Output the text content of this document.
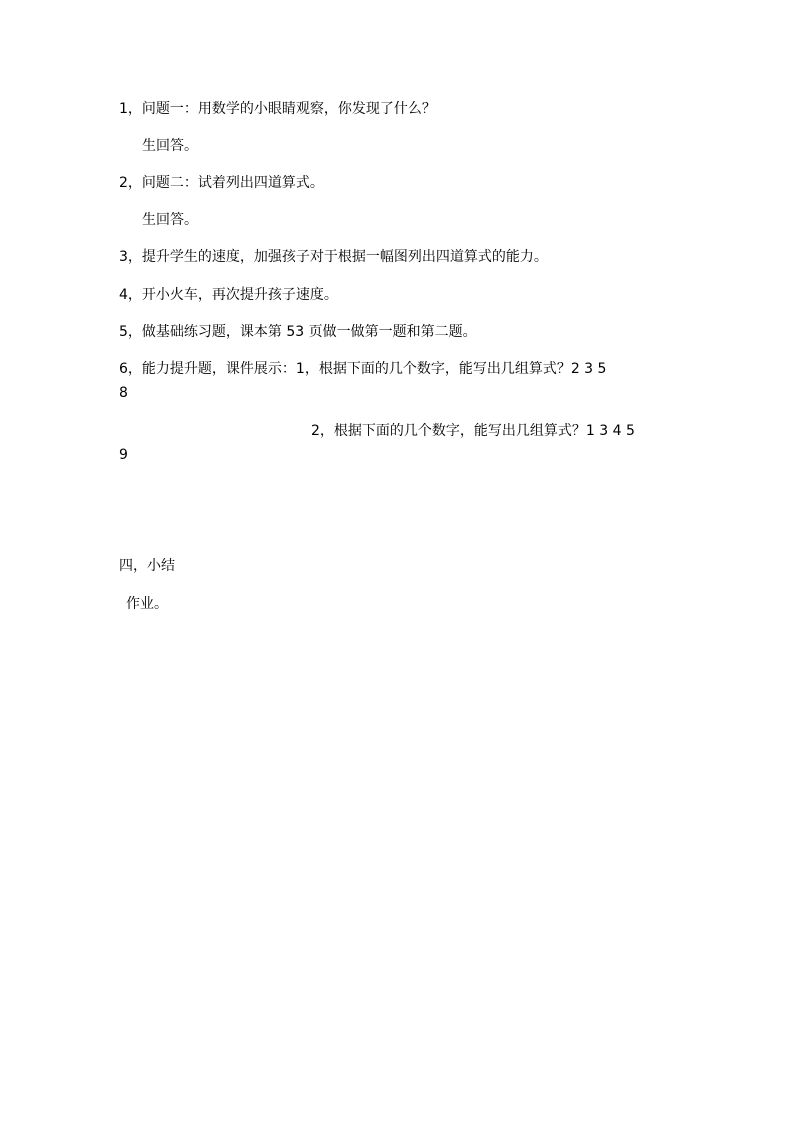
1，问题一：用数学的小眼睛观察，你发现了什么？
生回答。
2，问题二：试着列出四道算式。
生回答。
3，提升学生的速度，加强孩子对于根据一幅图列出四道算式的能力。
4，开小火车，再次提升孩子速度。
5，做基础练习题，课本第 53 页做一做第一题和第二题。
6，能力提升题，课件展示：1，根据下面的几个数字，能写出几组算式？2 3 5
8
2，根据下面的几个数字，能写出几组算式？1 3 4 5
9
四，小结
作业。
